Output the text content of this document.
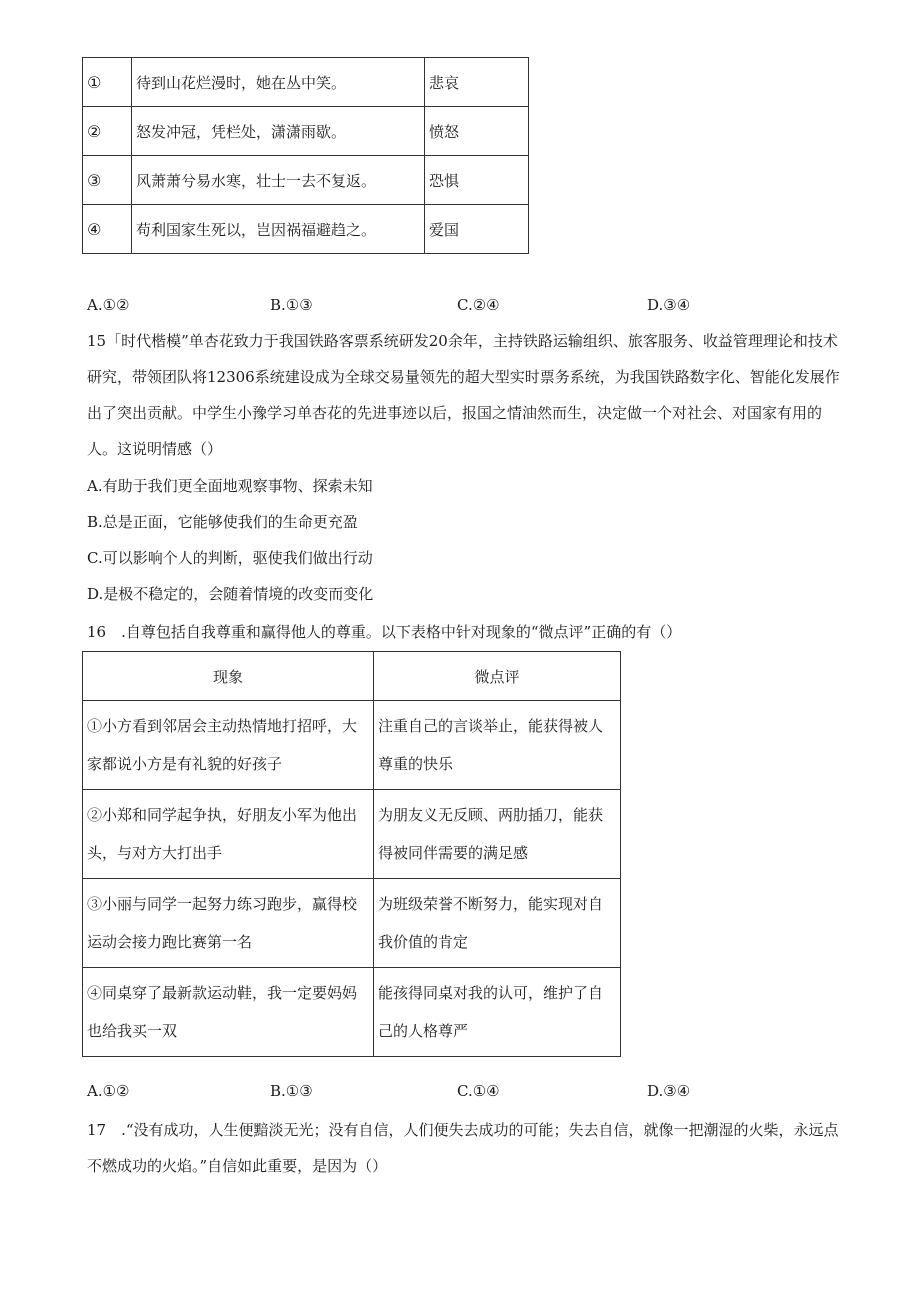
①	待到山花烂漫时，她在丛中笑。	悲哀
②	怒发冲冠，凭栏处，潇潇雨歇。	愤怒
③	风萧萧兮易水寒，壮士一去不复返。	恐惧
④	苟利国家生死以，岂因祸福避趋之。	爱国
A.①②	B.①③	C.②④	D.③④
15「时代楷模”单杏花致力于我国铁路客票系统研发20余年，主持铁路运输组织、旅客服务、收益管理理论和技术研究，带领团队将12306系统建设成为全球交易量领先的超大型实时票务系统，为我国铁路数字化、智能化发展作出了突出贡献。中学生小豫学习单杏花的先进事迹以后，报国之情油然而生，决定做一个对社会、对国家有用的人。这说明情感（）
A.有助于我们更全面地观察事物、探索未知
B.总是正面，它能够使我们的生命更充盈
C.可以影响个人的判断，驱使我们做出行动
D.是极不稳定的，会随着情境的改变而变化
16　.自尊包括自我尊重和赢得他人的尊重。以下表格中针对现象的“微点评”正确的有（）
现象	微点评
①小方看到邻居会主动热情地打招呼，大家都说小方是有礼貌的好孩子	注重自己的言谈举止，能获得被人尊重的快乐
②小郑和同学起争执，好朋友小军为他出头，与对方大打出手	为朋友义无反顾、两肋插刀，能获得被同伴需要的满足感
③小丽与同学一起努力练习跑步，赢得校运动会接力跑比赛第一名	为班级荣誉不断努力，能实现对自我价值的肯定
④同桌穿了最新款运动鞋，我一定要妈妈也给我买一双	能孩得同桌对我的认可，维护了自己的人格尊严
A.①②	B.①③	C.①④	D.③④
17　.“没有成功，人生便黯淡无光；没有自信，人们便失去成功的可能；失去自信，就像一把潮湿的火柴，永远点不燃成功的火焰。”自信如此重要，是因为（）
